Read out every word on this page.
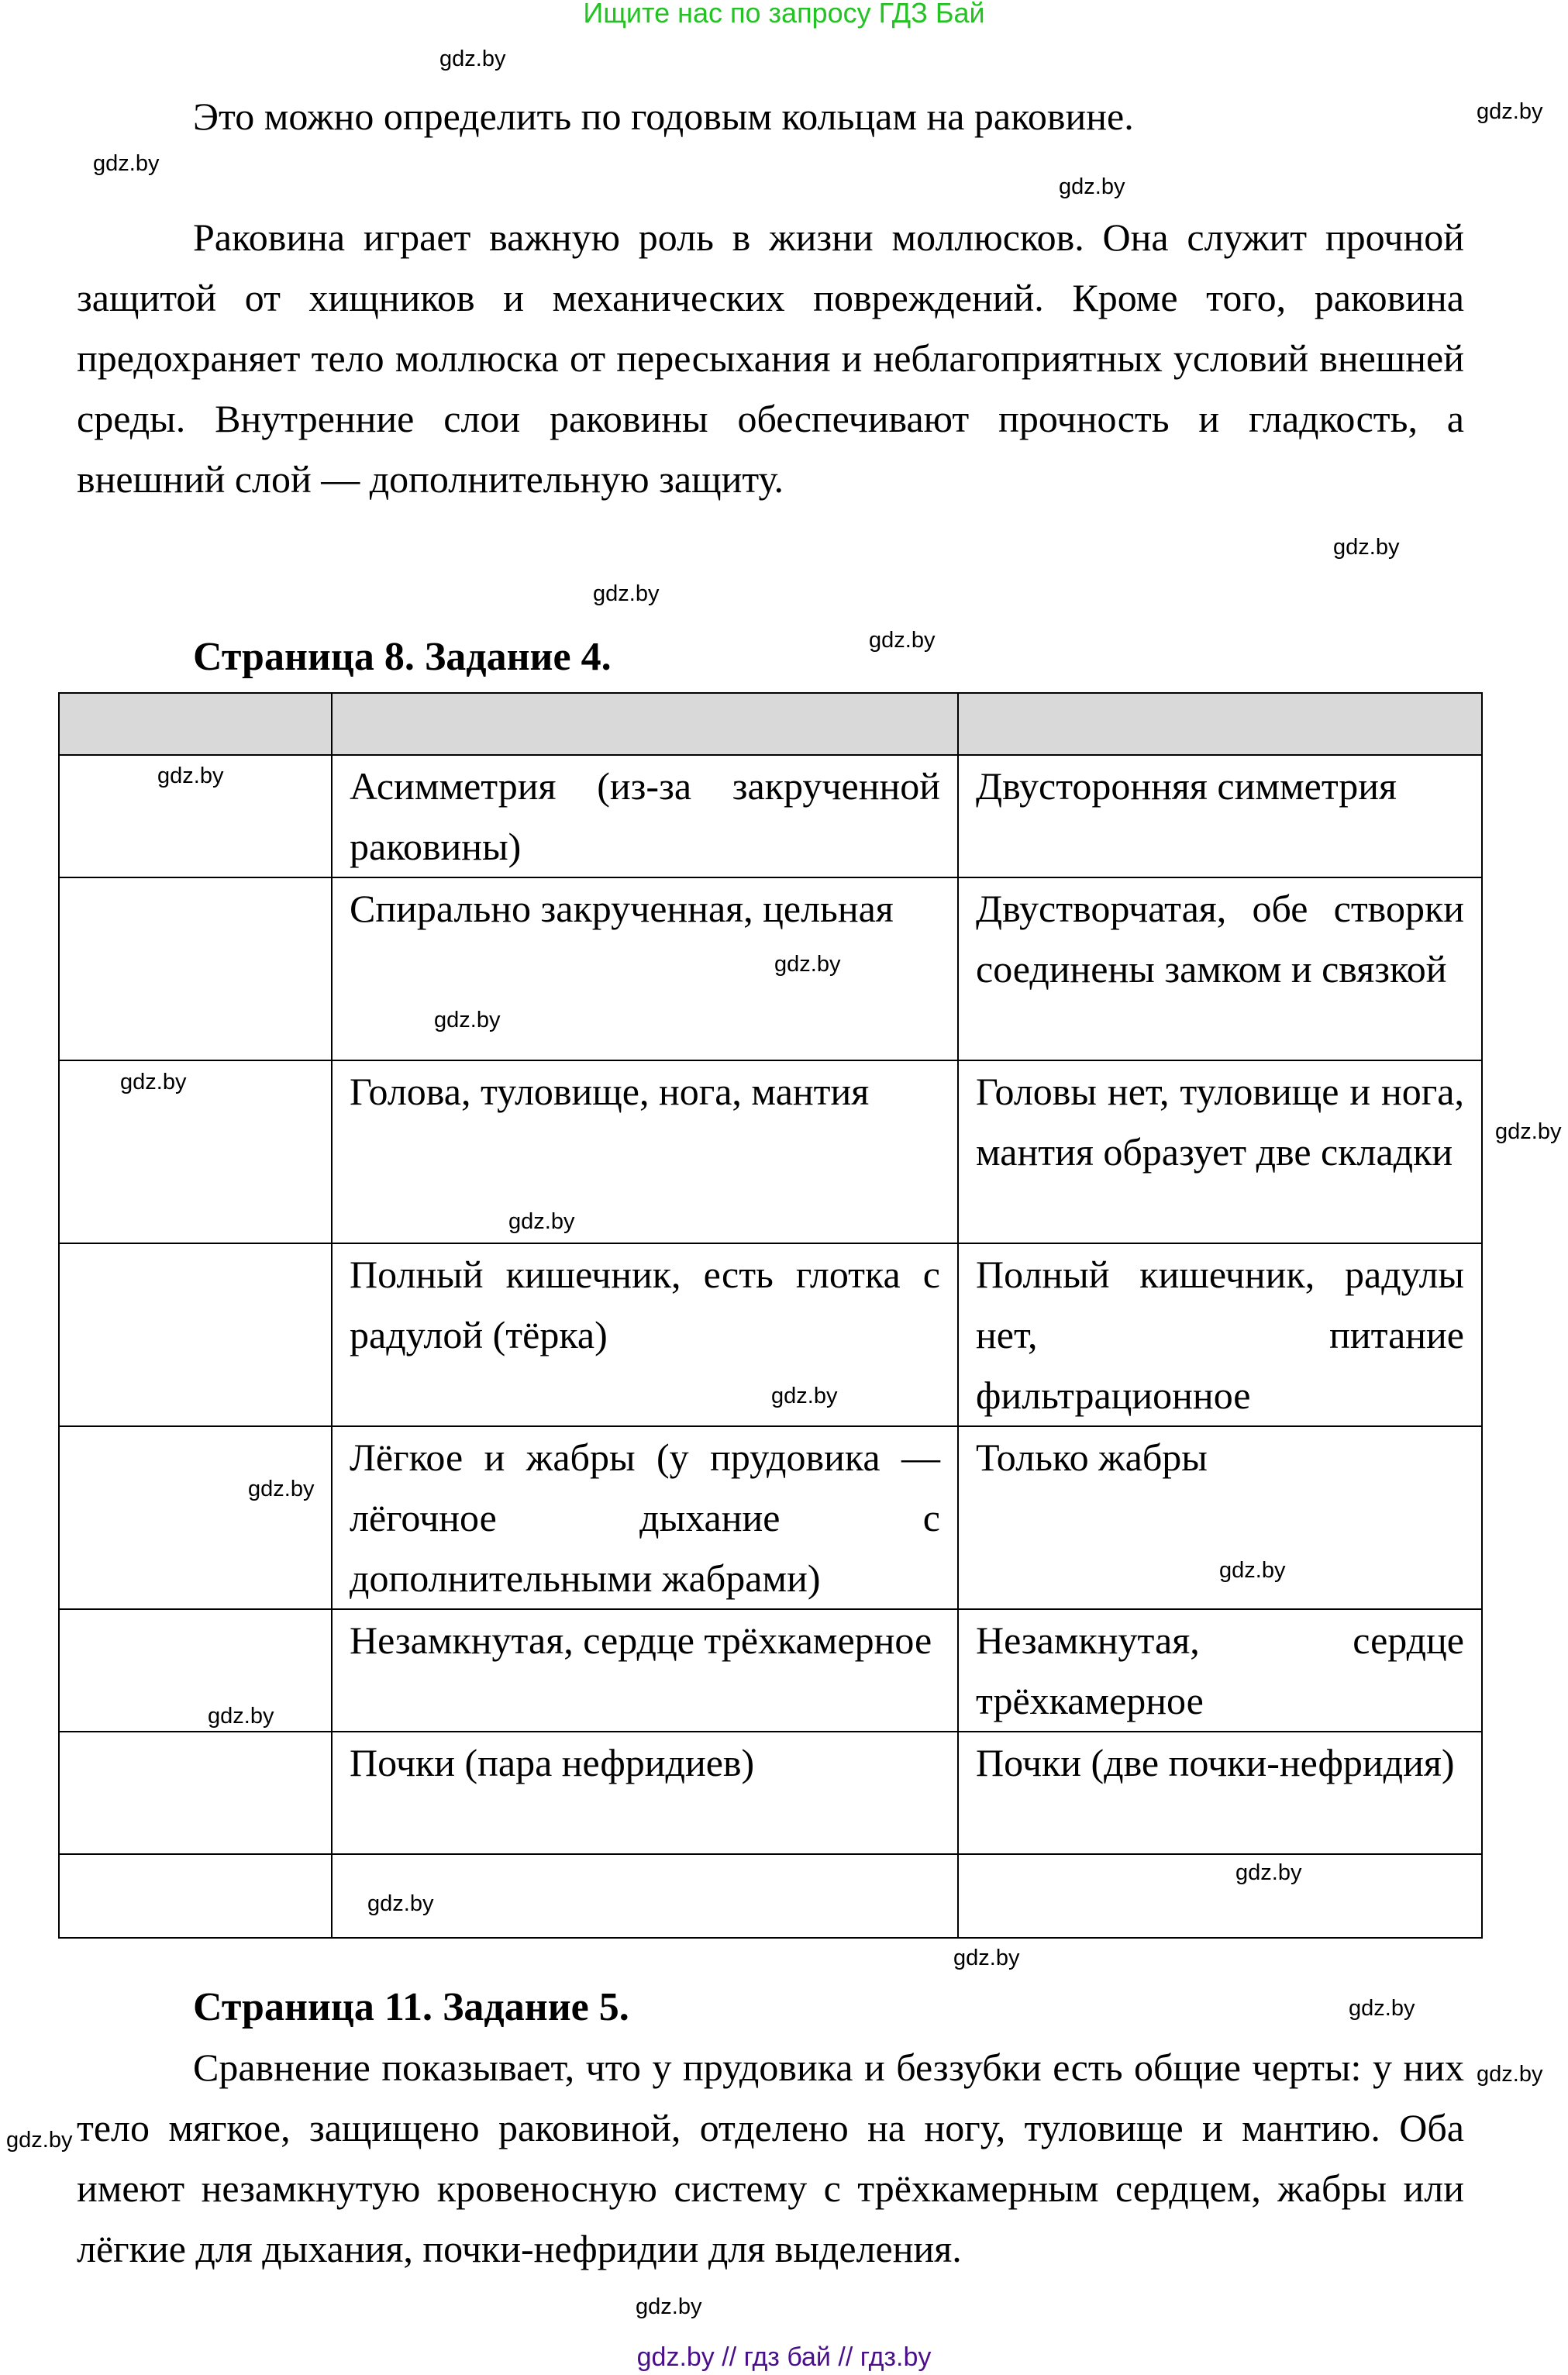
Ищите нас по запросу ГДЗ Бай
Это можно определить по годовым кольцам на раковине.
Раковина играет важную роль в жизни моллюсков. Она служит прочной защитой от хищников и механических повреждений. Кроме того, раковина предохраняет тело моллюска от пересыхания и неблагоприятных условий внешней среды. Внутренние слои раковины обеспечивают прочность и гладкость, а внешний слой — дополнительную защиту.
Страница 8. Задание 4.

	Асимметрия (из-за закрученной раковины)	Двусторонняя симметрия
	Спирально закрученная, цельная	Двустворчатая, обе створки соединены замком и связкой
	Голова, туловище, нога, мантия	Головы нет, туловище и нога, мантия образует две складки
	Полный кишечник, есть глотка с радулой (тёрка)	Полный кишечник, радулы нет, питание фильтрационное
	Лёгкое и жабры (у прудовика — лёгочное дыхание с дополнительными жабрами)	Только жабры
	Незамкнутая, сердце трёхкамерное	Незамкнутая, сердце трёхкамерное
	Почки (пара нефридиев)	Почки (две почки-нефридия)

Страница 11. Задание 5.
Сравнение показывает, что у прудовика и беззубки есть общие черты: у них тело мягкое, защищено раковиной, отделено на ногу, туловище и мантию. Оба имеют незамкнутую кровеносную систему с трёхкамерным сердцем, жабры или лёгкие для дыхания, почки-нефридии для выделения.
gdz.by
gdz.by
gdz.by
gdz.by
gdz.by
gdz.by
gdz.by
gdz.by
gdz.by
gdz.by
gdz.by
gdz.by
gdz.by
gdz.by
gdz.by
gdz.by
gdz.by
gdz.by
gdz.by
gdz.by
gdz.by
gdz.by
gdz.by
gdz.by
gdz.by // гдз бай // гдз.by
